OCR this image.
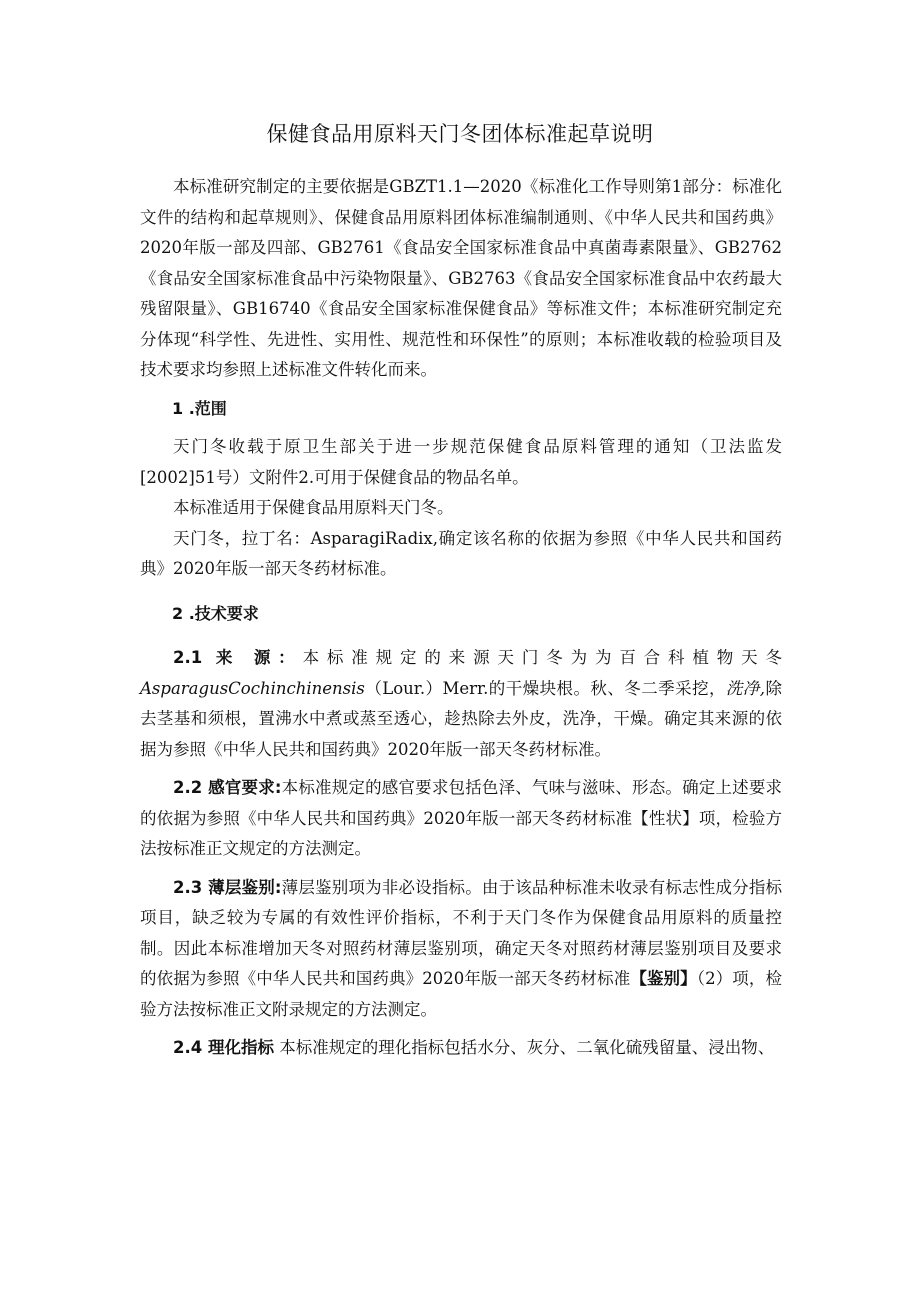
保健食品用原料天门冬团体标准起草说明

本标准研究制定的主要依据是GBZT1.1—2020《标准化工作导则第1部分：标准化文件的结构和起草规则》、保健食品用原料团体标准编制通则、《中华人民共和国药典》2020年版一部及四部、GB2761《食品安全国家标准食品中真菌毒素限量》、GB2762《食品安全国家标准食品中污染物限量》、GB2763《食品安全国家标准食品中农药最大残留限量》、GB16740《食品安全国家标准保健食品》等标准文件；本标准研究制定充分体现“科学性、先进性、实用性、规范性和环保性”的原则；本标准收载的检验项目及技术要求均参照上述标准文件转化而来。

1 .范围

天门冬收载于原卫生部关于进一步规范保健食品原料管理的通知（卫法监发[2002]51号）文附件2.可用于保健食品的物品名单。

本标准适用于保健食品用原料天门冬。

天门冬，拉丁名：AsparagiRadix,确定该名称的依据为参照《中华人民共和国药典》2020年版一部天冬药材标准。

2 .技术要求

2.1 来 源：本标准规定的来源天门冬为为百合科植物天冬AsparagusCochinchinensis（Lour.）Merr.的干燥块根。秋、冬二季采挖，洗净,除去茎基和须根，置沸水中煮或蒸至透心，趁热除去外皮，洗净，干燥。确定其来源的依据为参照《中华人民共和国药典》2020年版一部天冬药材标准。

2.2 感官要求:本标准规定的感官要求包括色泽、气味与滋味、形态。确定上述要求的依据为参照《中华人民共和国药典》2020年版一部天冬药材标准【性状】项，检验方法按标准正文规定的方法测定。

2.3 薄层鉴别:薄层鉴别项为非必设指标。由于该品种标准未收录有标志性成分指标项目，缺乏较为专属的有效性评价指标，不利于天门冬作为保健食品用原料的质量控制。因此本标准增加天冬对照药材薄层鉴别项，确定天冬对照药材薄层鉴别项目及要求的依据为参照《中华人民共和国药典》2020年版一部天冬药材标准【鉴别】（2）项，检验方法按标准正文附录规定的方法测定。

2.4 理化指标 本标准规定的理化指标包括水分、灰分、二氧化硫残留量、浸出物、
